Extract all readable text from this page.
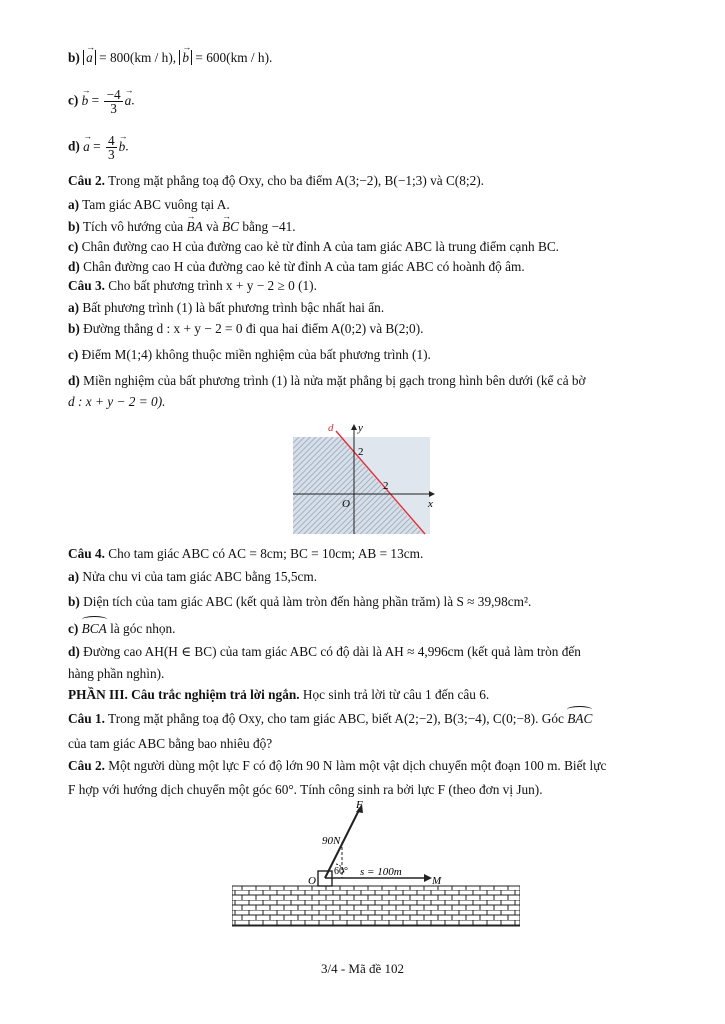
b) → a = 800(km / h), → b = 600(km / h).
$c) \to b = \frac{-4}{3}$
→ a.
$d) \to a = \frac{4}{3}$
→ b.
Câu 2. Trong mặt phẳng toạ độ Oxy, cho ba điểm A(3;−2), B(−1;3) và C(8;2).
a) Tam giác ABC vuông tại A.
b) Tích vô hướng của → BA và → BC bằng −41.
c) Chân đường cao H của đường cao kẻ từ đỉnh A của tam giác ABC là trung điểm cạnh BC.
d) Chân đường cao H của đường cao kẻ từ đỉnh A của tam giác ABC có hoành độ âm.
Câu 3. Cho bất phương trình x + y − 2 ≥ 0 (1).
a) Bất phương trình (1) là bất phương trình bậc nhất hai ẩn.
b) Đường thẳng d : x + y − 2 = 0 đi qua hai điểm A(0;2) và B(2;0).
c) Điểm M(1;4) không thuộc miền nghiệm của bất phương trình (1).
d) Miền nghiệm của bất phương trình (1) là nửa mặt phẳng bị gạch trong hình bên dưới (kể cả bờ
d : x + y − 2 = 0).
d y
x
O
2
2
Câu 4. Cho tam giác ABC có AC = 8cm; BC = 10cm; AB = 13cm.
a) Nửa chu vi của tam giác ABC bằng 15,5cm.
b) Diện tích của tam giác ABC (kết quả làm tròn đến hàng phần trăm) là S ≈ 39,98cm².
c) BCA là góc nhọn.
d) Đường cao AH(H ∈ BC) của tam giác ABC có độ dài là AH ≈ 4,996cm (kết quả làm tròn đến
hàng phần nghìn).
PHẦN III. Câu trắc nghiệm trả lời ngắn. Học sinh trả lời từ câu 1 đến câu 6.
Câu 1. Trong mặt phẳng toạ độ Oxy, cho tam giác ABC, biết A(2;−2), B(3;−4), C(0;−8). Góc BAC
của tam giác ABC bằng bao nhiêu độ?
Câu 2. Một người dùng một lực F có độ lớn 90 N làm một vật dịch chuyển một đoạn 100 m. Biết lực
F hợp với hướng dịch chuyển một góc 60°. Tính công sinh ra bởi lực F (theo đơn vị Jun).
F
90N
60° s = 100m
O	M
3/4 - Mã đề 102
